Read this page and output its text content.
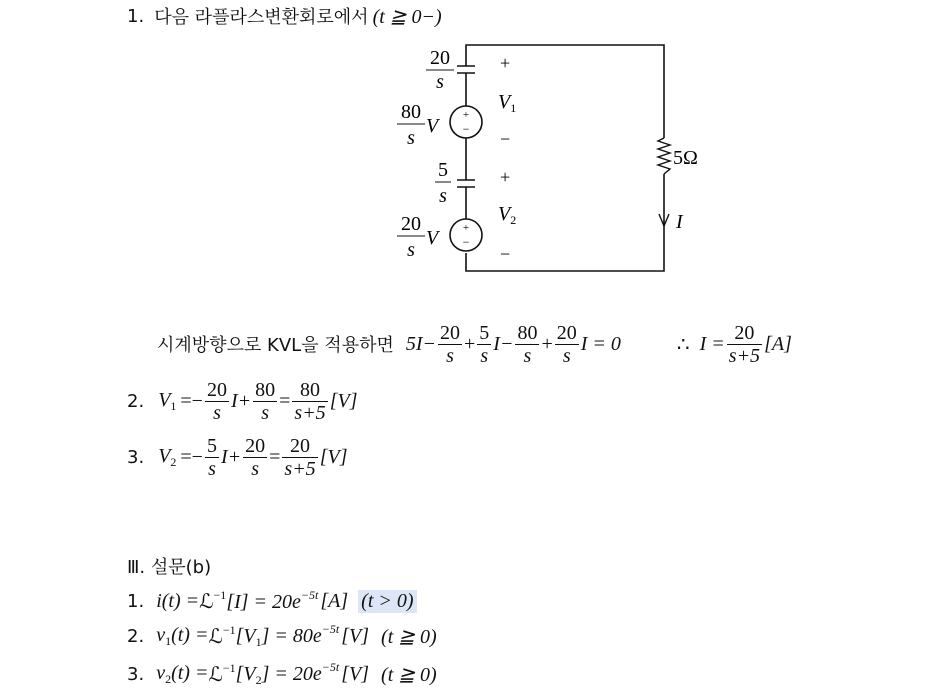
1. 다음 라플라스변환회로에서 (t ≧ 0−)
+
−
+
−
5Ω
I
20
s
80
s
V
5
s
20
s
V
+
$V_1$
−
+
$V_2$
−
시계방향으로 KVL을 적용하면 $5I- \frac{20}{s} + \frac{5}{s} I- \frac{80}{s} + \frac{20}{s}$ I = 0	∴ $I = \frac{20}{s+5} [A]$
2. $V_1 =- \frac{20}{s} I+ \frac{80}{s} = \frac{80}{s+5} [V]$
3. $V_2 =- \frac{5}{s} I+ \frac{20}{s} = \frac{20}{s+5} [V]$
Ⅲ. 설문(b)
1. i(t) = ℒ$^{-1}$ $[I] = 20e^{-5t}$ [A] (t > 0)
2. $v_1(t)$ = ℒ$^{-1}$ $[V_1] = 80e^{-5t}$ [V] (t ≧ 0)
3. $v_2(t)$ = ℒ$^{-1}$ $[V_2] = 20e^{-5t}$ [V] (t ≧ 0)
